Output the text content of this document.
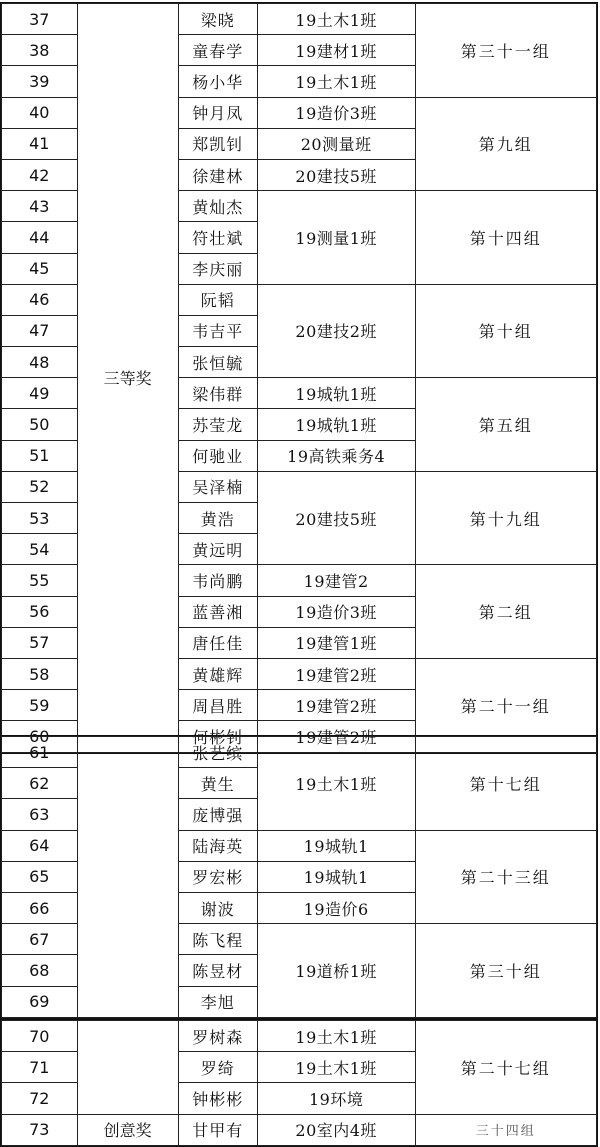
37	三等奖	梁晓	19土木1班	第三十一组
38		童春学	19建材1班	
39		杨小华	19土木1班	
40		钟月凤	19造价3班	第九组
41		郑凯钊	20测量班	
42		徐建林	20建技5班	
43		黄灿杰	19测量1班	第十四组
44		符壮斌		
45		李庆丽		
46		阮韬	20建技2班	第十组
47		韦吉平		
48		张恒毓		
49		梁伟群	19城轨1班	第五组
50		苏莹龙	19城轨1班	
51		何驰业	19高铁乘务4	
52		吴泽楠	20建技5班	第十九组
53		黄浩		
54		黄远明		
55		韦尚鹏	19建管2	第二组
56		蓝善湘	19造价3班	
57		唐任佳	19建管1班	
58		黄雄辉	19建管2班	第二十一组
59		周昌胜	19建管2班	
60		何彬钊	19建管2班	
61		张艺缤	19土木1班	第十七组
62		黄生		
63		庞博强		
64		陆海英	19城轨1	第二十三组
65		罗宏彬	19城轨1	
66		谢波	19造价6	
67		陈飞程	19道桥1班	第三十组
68		陈昱材		
69		李旭		
70		罗树森	19土木1班	第二十七组
71		罗绮	19土木1班	
72		钟彬彬	19环境	
73	创意奖	甘甲有	20室内4班	三十四组
